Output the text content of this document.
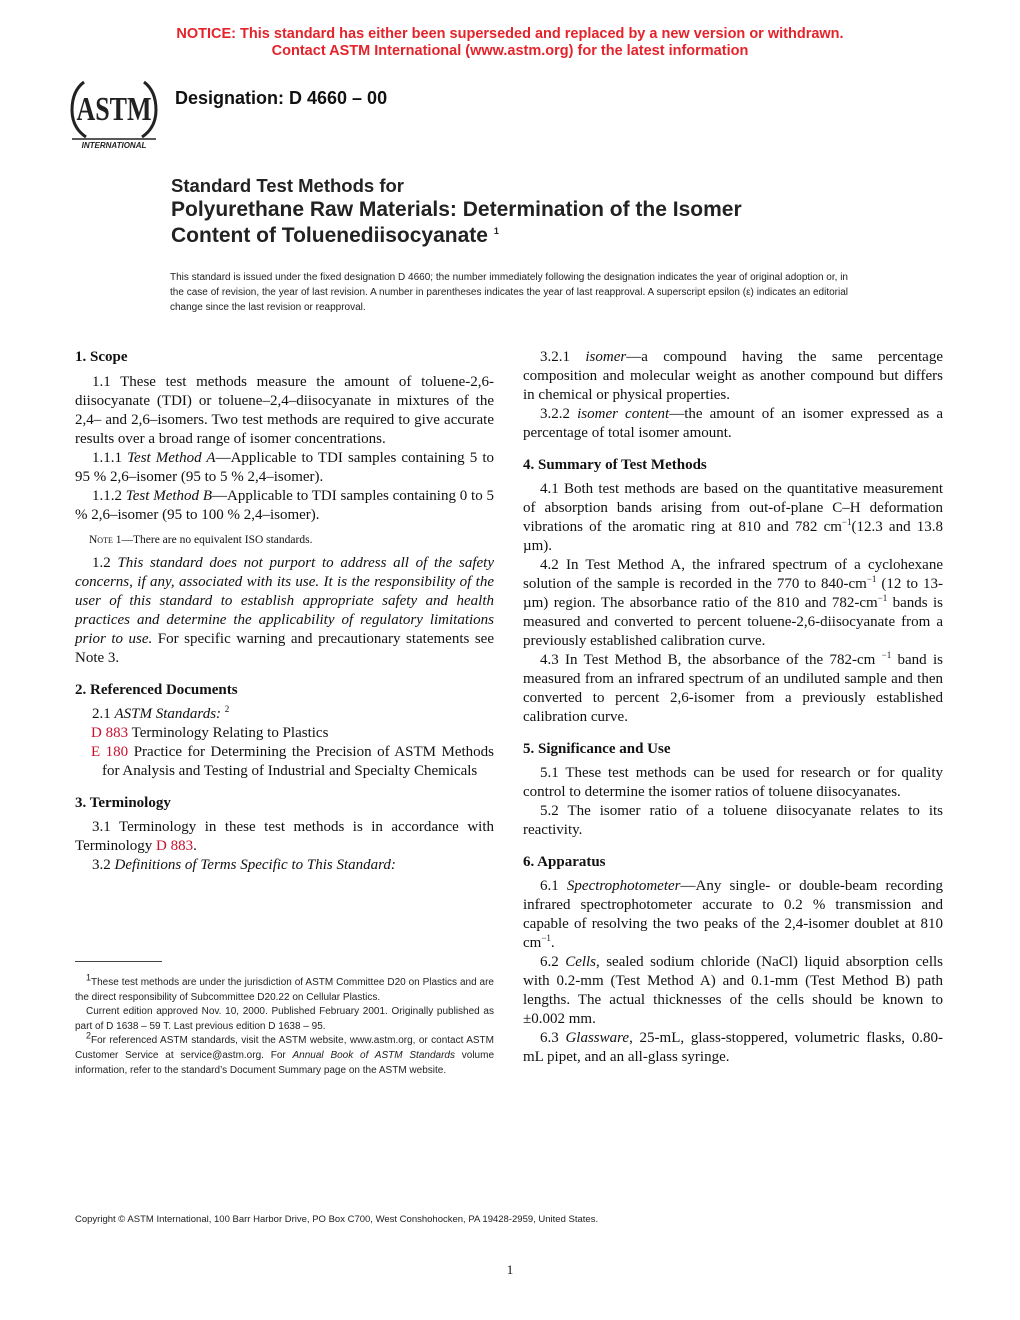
NOTICE: This standard has either been superseded and replaced by a new version or withdrawn.
Contact ASTM International (www.astm.org) for the latest information
ASTM
INTERNATIONAL
Designation: D 4660 – 00
Standard Test Methods for
Polyurethane Raw Materials: Determination of the Isomer
Content of Toluenediisocyanate $^1$
This standard is issued under the fixed designation D 4660; the number immediately following the designation indicates the year of original adoption or, in the case of revision, the year of last revision. A number in parentheses indicates the year of last reapproval. A superscript epsilon (ε) indicates an editorial change since the last revision or reapproval.

1. Scope

1.1 These test methods measure the amount of toluene-2,6-diisocyanate (TDI) or toluene–2,4–diisocyanate in mixtures of the 2,4– and 2,6–isomers. Two test methods are required to give accurate results over a broad range of isomer concentrations.

1.1.1 Test Method A—Applicable to TDI samples containing 5 to 95 % 2,6–isomer (95 to 5 % 2,4–isomer).

1.1.2 Test Method B—Applicable to TDI samples containing 0 to 5 % 2,6–isomer (95 to 100 % 2,4–isomer).

Note 1—There are no equivalent ISO standards.

1.2 This standard does not purport to address all of the safety concerns, if any, associated with its use. It is the responsibility of the user of this standard to establish appropriate safety and health practices and determine the applicability of regulatory limitations prior to use. For specific warning and precautionary statements see Note 3.

2. Referenced Documents

2.1 ASTM Standards: $^2$

D 883 Terminology Relating to Plastics

E 180 Practice for Determining the Precision of ASTM Methods for Analysis and Testing of Industrial and Specialty Chemicals

3. Terminology

3.1 Terminology in these test methods is in accordance with Terminology D 883.

3.2 Definitions of Terms Specific to This Standard:

$^1$These test methods are under the jurisdiction of ASTM Committee D20 on Plastics and are the direct responsibility of Subcommittee D20.22 on Cellular Plastics.

Current edition approved Nov. 10, 2000. Published February 2001. Originally published as part of D 1638 – 59 T. Last previous edition D 1638 – 95.

$^2$For referenced ASTM standards, visit the ASTM website, www.astm.org, or contact ASTM Customer Service at service@astm.org. For Annual Book of ASTM Standards volume information, refer to the standard’s Document Summary page on the ASTM website.

3.2.1 isomer—a compound having the same percentage composition and molecular weight as another compound but differs in chemical or physical properties.

3.2.2 isomer content—the amount of an isomer expressed as a percentage of total isomer amount.

4. Summary of Test Methods

4.1 Both test methods are based on the quantitative measurement of absorption bands arising from out-of-plane C–H deformation vibrations of the aromatic ring at 810 and 782 $cm^{-1}(12.3$ and 13.8 µm).

4.2 In Test Method A, the infrared spectrum of a cyclohexane solution of the sample is recorded in the 770 to $840-cm^{-1}$ (12 to 13-µm) region. The absorbance ratio of the 810 and $782-cm^{-1}$ bands is measured and converted to percent toluene-2,6-diisocyanate from a previously established calibration curve.

4.3 In Test Method B, the absorbance of the 782-cm $^{-1}$ band is measured from an infrared spectrum of an undiluted sample and then converted to percent 2,6-isomer from a previously established calibration curve.

5. Significance and Use

5.1 These test methods can be used for research or for quality control to determine the isomer ratios of toluene diisocyanates.

5.2 The isomer ratio of a toluene diisocyanate relates to its reactivity.

6. Apparatus

6.1 Spectrophotometer—Any single- or double-beam recording infrared spectrophotometer accurate to 0.2 % transmission and capable of resolving the two peaks of the 2,4-isomer doublet at 810 $cm^{-1}$.

6.2 Cells, sealed sodium chloride (NaCl) liquid absorption cells with 0.2-mm (Test Method A) and 0.1-mm (Test Method B) path lengths. The actual thicknesses of the cells should be known to ±0.002 mm.

6.3 Glassware, 25-mL, glass-stoppered, volumetric flasks, 0.80-mL pipet, and an all-glass syringe.

Copyright © ASTM International, 100 Barr Harbor Drive, PO Box C700, West Conshohocken, PA 19428-2959, United States.
1
